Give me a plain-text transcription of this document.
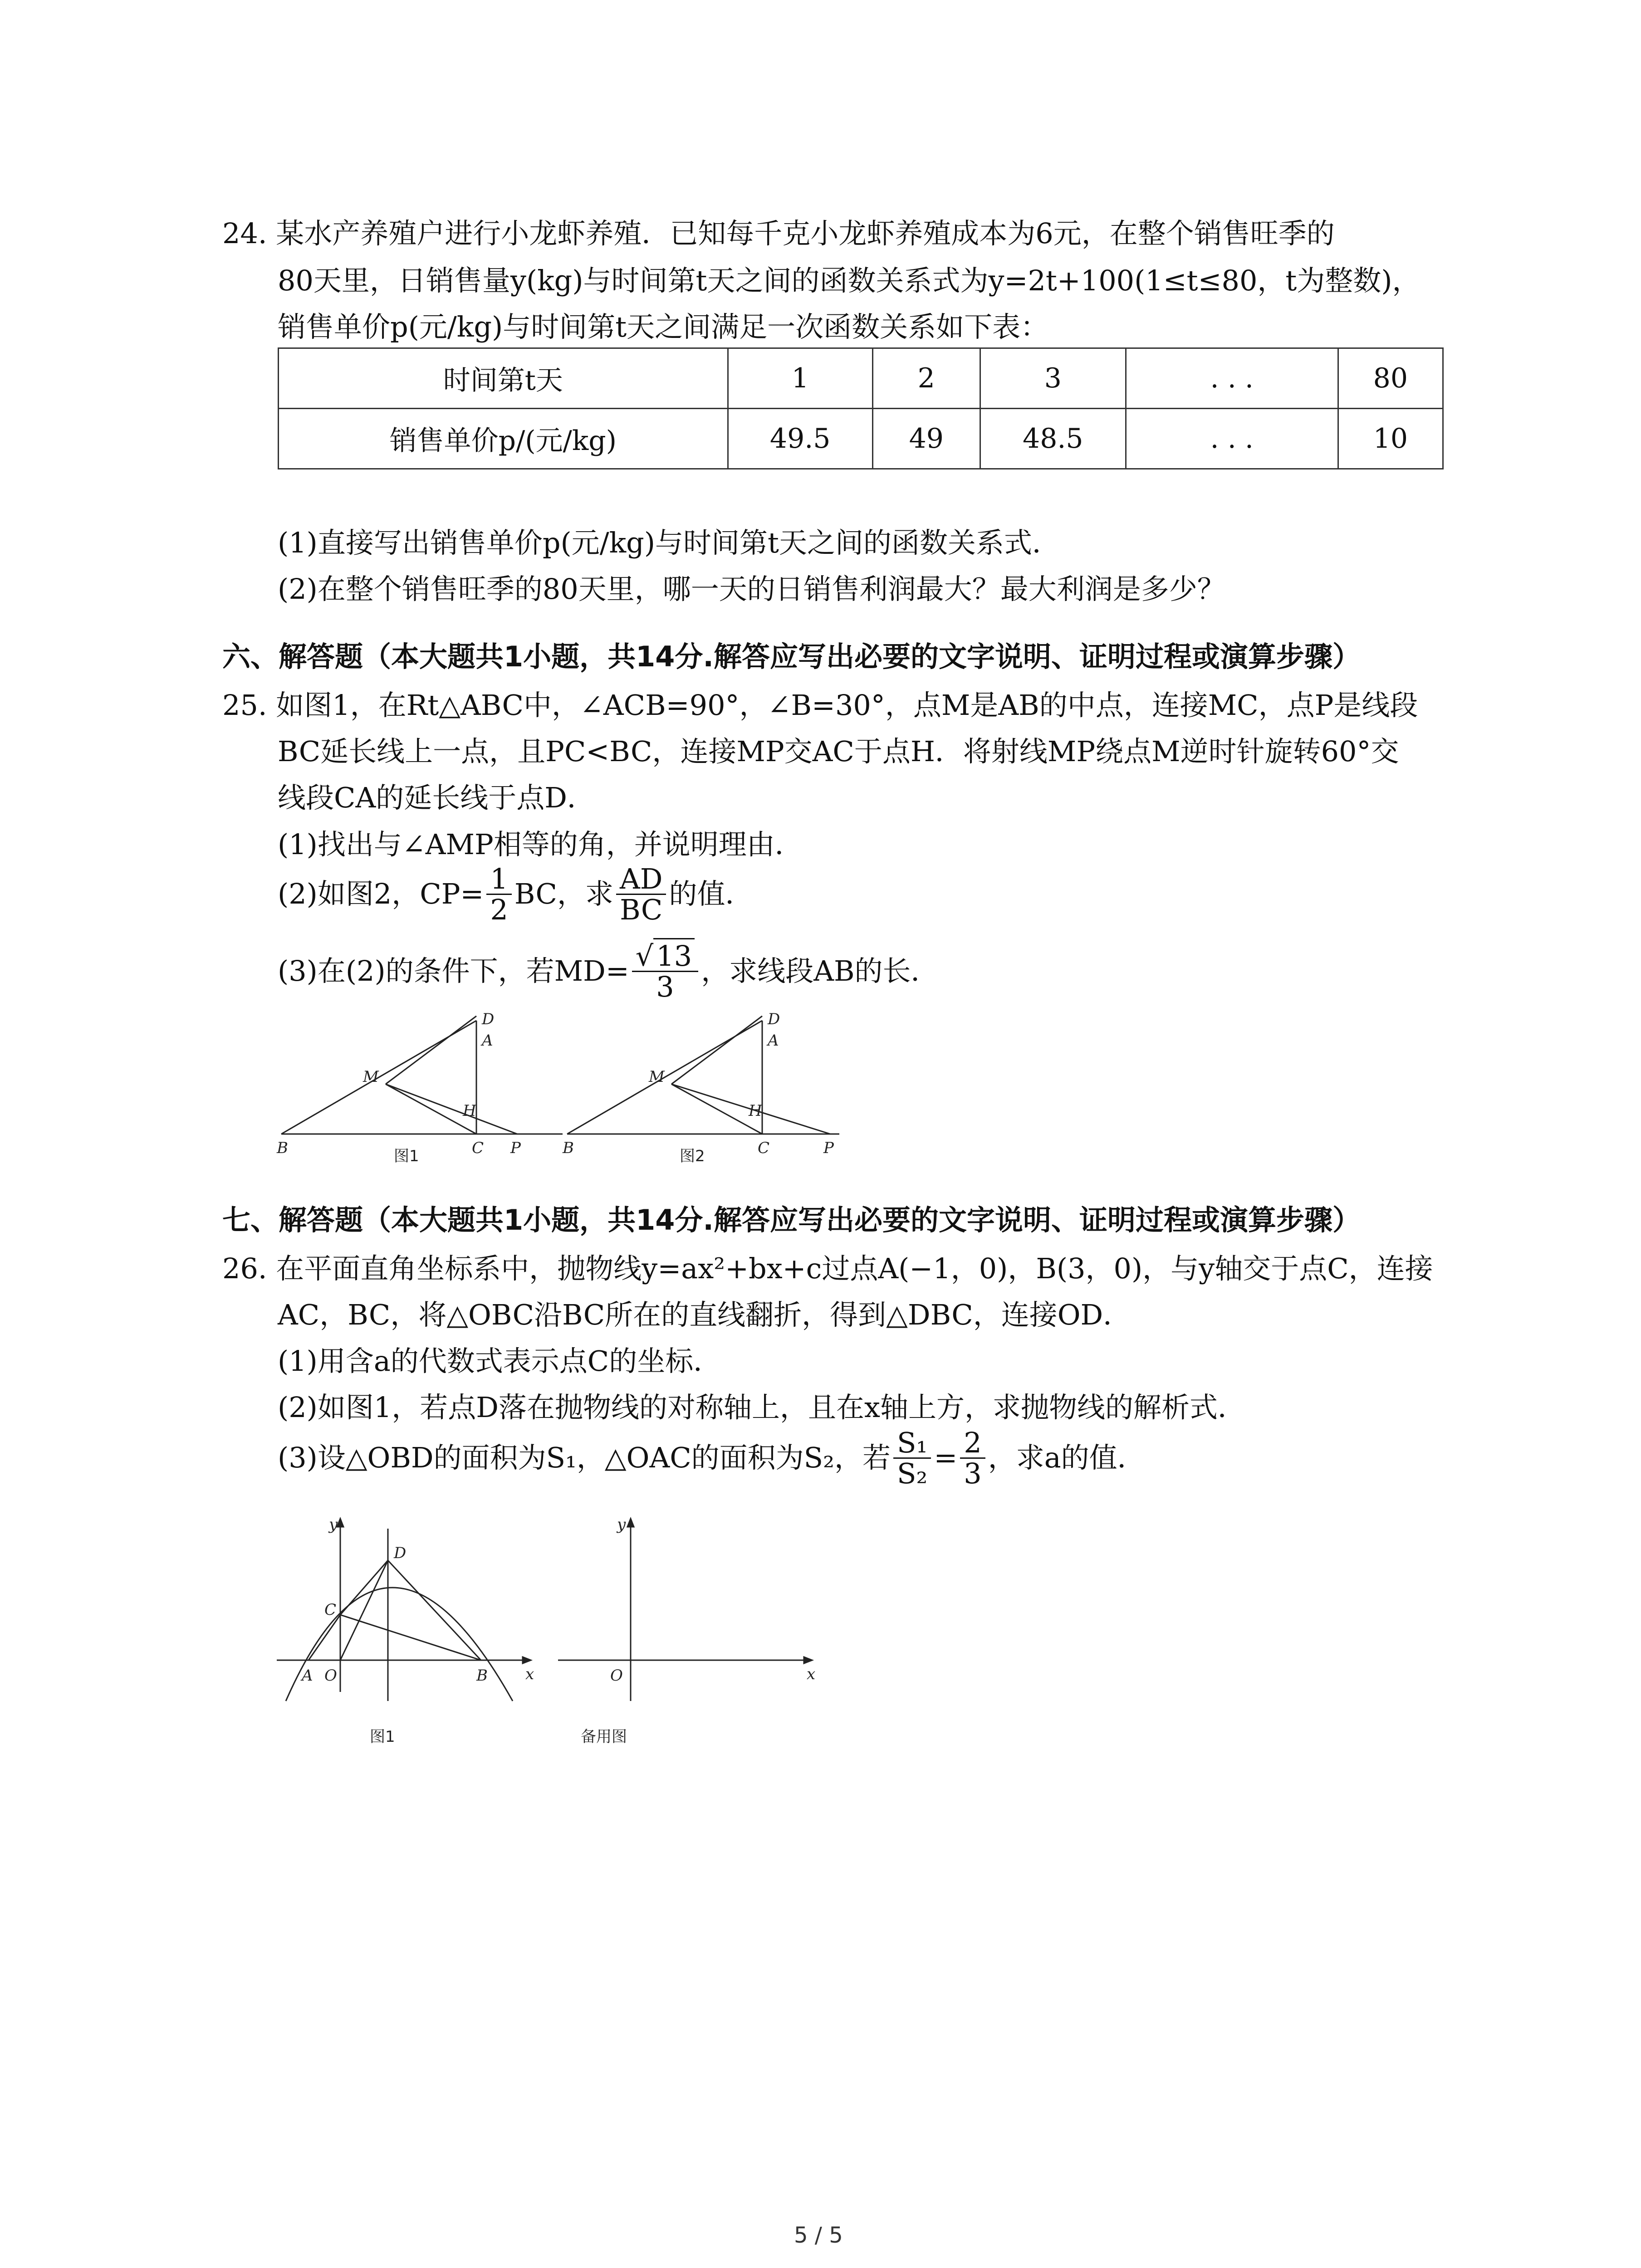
24. 某水产养殖户进行小龙虾养殖．已知每千克小龙虾养殖成本为6元，在整个销售旺季的
80天里，日销售量y(kg)与时间第t天之间的函数关系式为y=2t+100(1≤t≤80，t为整数)，
销售单价p(元/kg)与时间第t天之间满足一次函数关系如下表：
时间第t天	1	2	3	. . .	80
销售单价p/(元/kg)	49.5	49	48.5	. . .	10
(1)直接写出销售单价p(元/kg)与时间第t天之间的函数关系式．
(2)在整个销售旺季的80天里，哪一天的日销售利润最大？最大利润是多少？
六、解答题（本大题共1小题，共14分.解答应写出必要的文字说明、证明过程或演算步骤）
25. 如图1，在Rt△ABC中，∠ACB=90°，∠B=30°，点M是AB的中点，连接MC，点P是线段
BC延长线上一点，且PC<BC，连接MP交AC于点H．将射线MP绕点M逆时针旋转60°交
线段CA的延长线于点D．
(1)找出与∠AMP相等的角，并说明理由．
(2)如图2，$CP= \frac{1}{2}$ BC，求 $\frac{AD}{BC}$ 的值．
(3)在(2)的条件下，若$MD= \frac{√13}{3}$ ，求线段AB的长．
D
A
M
H
B	C P
图1
D
A
M
H
B	C	P
图2
七、解答题（本大题共1小题，共14分.解答应写出必要的文字说明、证明过程或演算步骤）
26. 在平面直角坐标系中，抛物线y=ax²+bx+c过点A(−1，0)，B(3，0)，与y轴交于点C，连接
AC，BC，将△OBC沿BC所在的直线翻折，得到△DBC，连接OD．
(1)用含a的代数式表示点C的坐标．
(2)如图1，若点D落在抛物线的对称轴上，且在x轴上方，求抛物线的解析式．
(3)设△OBD的面积为S₁，△OAC的面积为S₂，若 $\frac{\text{S₁}}{\text{S₂}} = \frac{2}{3}$ ，求a的值．
y
x
O
A	B
C
D
图1
y
x
O
备用图
5 / 5
